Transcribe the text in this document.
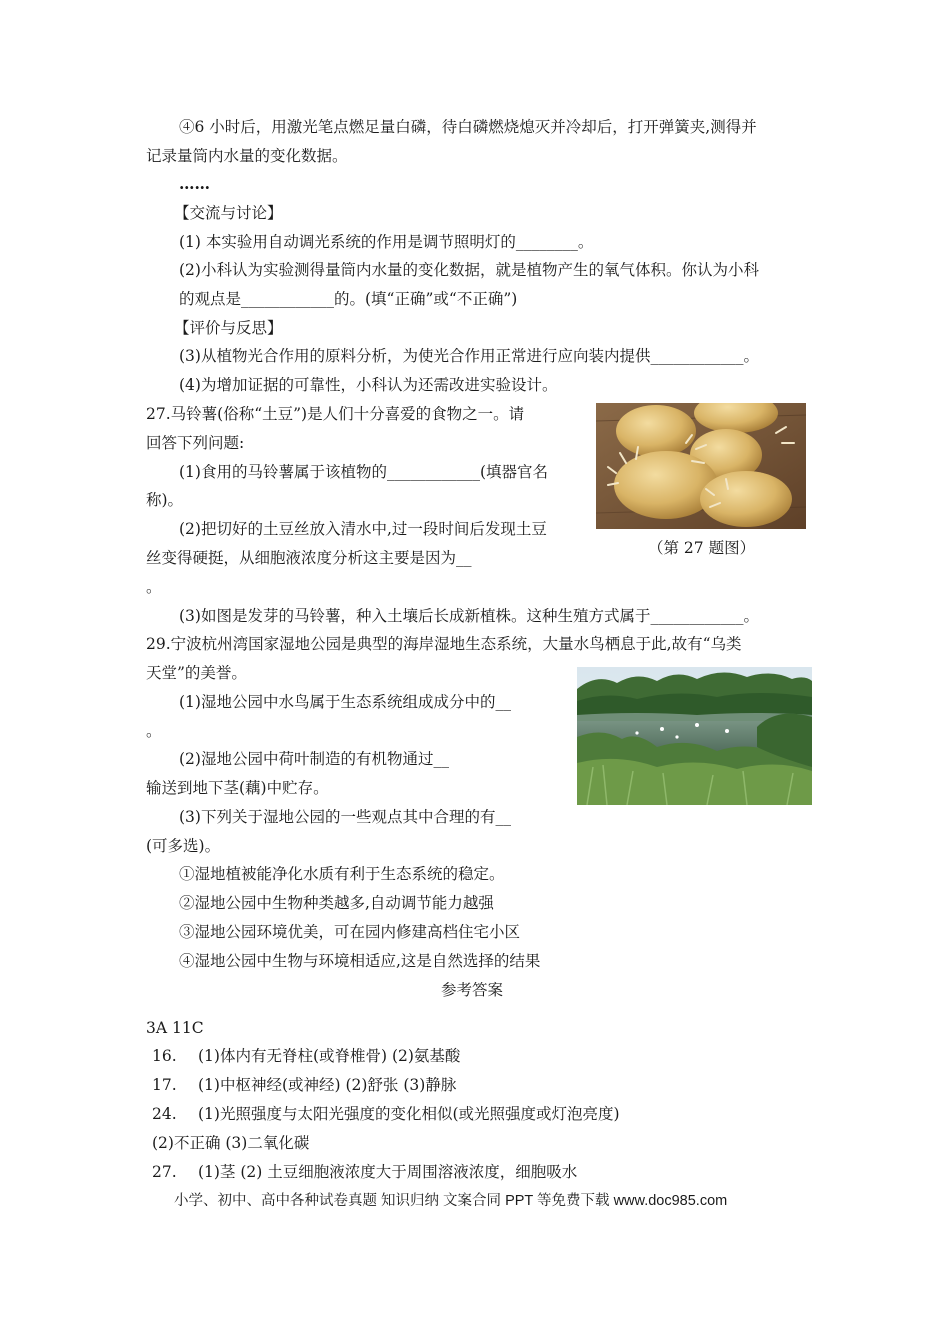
④6 小时后，用激光笔点燃足量白磷，待白磷燃烧熄灭并冷却后，打开弹簧夹,测得并
记录量筒内水量的变化数据。
……
【交流与讨论】
(1) 本实验用自动调光系统的作用是调节照明灯的________。
(2)小科认为实验测得量筒内水量的变化数据，就是植物产生的氧气体积。你认为小科
的观点是____________的。(填“正确”或“不正确”)
【评价与反思】
(3)从植物光合作用的原料分析，为使光合作用正常进行应向装内提供____________。
(4)为增加证据的可靠性，小科认为还需改进实验设计。
27.马铃薯(俗称“土豆”)是人们十分喜爱的食物之一。请
回答下列问题:
(1)食用的马铃薯属于该植物的____________(填器官名
称)。
(2)把切好的土豆丝放入清水中,过一段时间后发现土豆
丝变得硬挺，从细胞液浓度分析这主要是因为__
。
(3)如图是发芽的马铃薯，种入土壤后长成新植株。这种生殖方式属于____________。
（第 27 题图）
29.宁波杭州湾国家湿地公园是典型的海岸湿地生态系统，大量水鸟栖息于此,故有“乌类
天堂”的美誉。
(1)湿地公园中水鸟属于生态系统组成成分中的__
。
(2)湿地公园中荷叶制造的有机物通过__
输送到地下茎(藕)中贮存。
(3)下列关于湿地公园的一些观点其中合理的有__
(可多选)。
①湿地植被能净化水质有利于生态系统的稳定。
②湿地公园中生物种类越多,自动调节能力越强
③湿地公园环境优美，可在园内修建高档住宅小区
④湿地公园中生物与环境相适应,这是自然选择的结果
参考答案
3A 11C
16. (1)体内有无脊柱(或脊椎骨) (2)氨基酸
17. (1)中枢神经(或神经) (2)舒张 (3)静脉
24. (1)光照强度与太阳光强度的变化相似(或光照强度或灯泡亮度)
(2)不正确 (3)二氧化碳
27. (1)茎 (2) 土豆细胞液浓度大于周围溶液浓度，细胞吸水
小学、初中、高中各种试卷真题 知识归纳 文案合同 PPT 等免费下载 www.doc985.com
